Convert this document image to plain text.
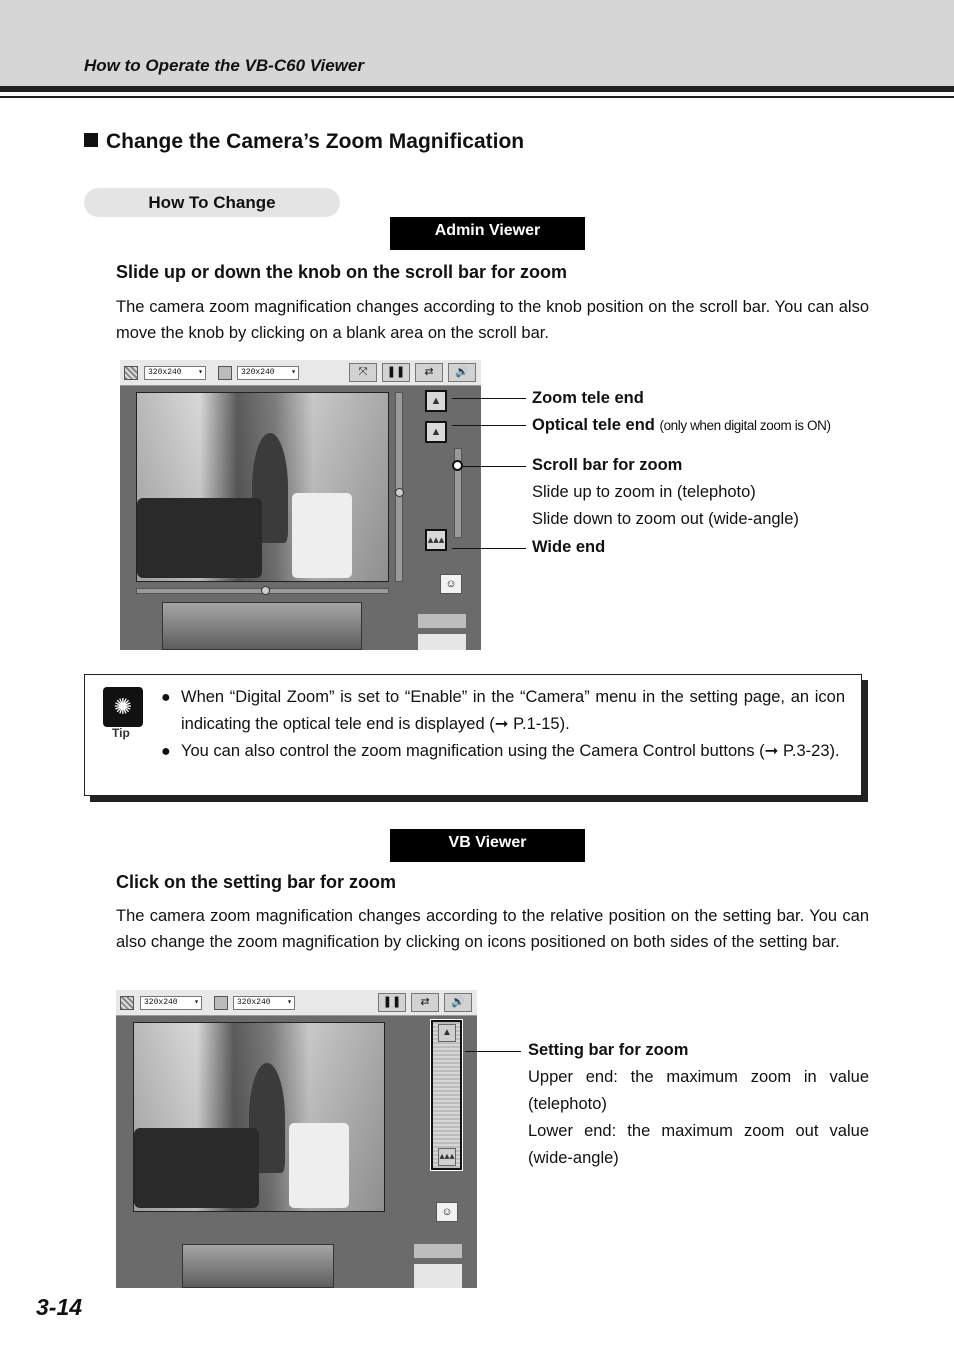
How to Operate the VB-C60 Viewer
Change the Camera’s Zoom Magnification
How To Change
Admin Viewer
Slide up or down the knob on the scroll bar for zoom
The camera zoom magnification changes according to the knob position on the scroll bar. You can also move the knob by clicking on a blank area on the scroll bar.
320x240 ▾	320x240 ▾	⤧	❚❚	⇄	🔊
▲
▲
▴▴▴
☺
Zoom tele end
Optical tele end (only when digital zoom is ON)
Scroll bar for zoom
Slide up to zoom in (telephoto)
Slide down to zoom out (wide-angle)
Wide end
✺
Tip
● When “Digital Zoom” is set to “Enable” in the “Camera” menu in the setting page, an icon indicating the optical tele end is displayed (➞ P.1-15).
● You can also control the zoom magnification using the Camera Control buttons (➞ P.3-23).
VB Viewer
Click on the setting bar for zoom
The camera zoom magnification changes according to the relative position on the setting bar. You can also change the zoom magnification by clicking on icons positioned on both sides of the setting bar.
320x240 ▾	320x240 ▾	❚❚	⇄	🔊
▲
▴▴▴
☺
Setting bar for zoom
Upper end: the maximum zoom in value (telephoto)
Lower end: the maximum zoom out value (wide-angle)
3-14
